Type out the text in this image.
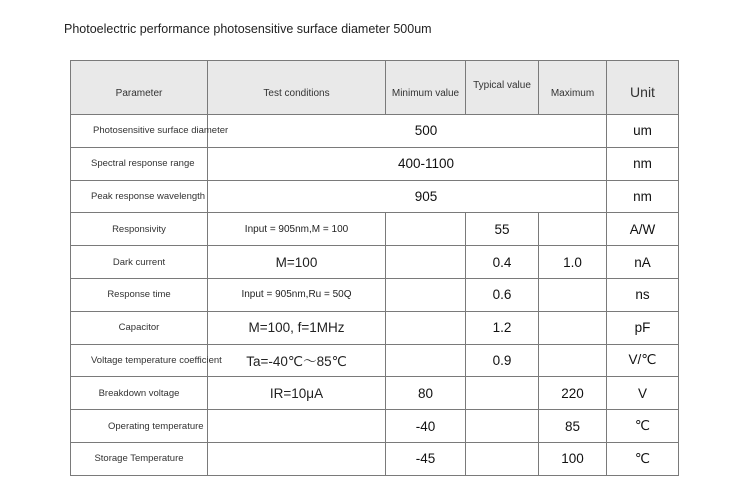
Photoelectric performance photosensitive surface diameter 500um
Parameter	Test conditions	Minimum value	Typical value	Maximum	Unit
Photosensitive surface diameter	500				um
Spectral response range	400-1100				nm
Peak response wavelength	905				nm
Responsivity	Input = 905nm,M = 100		55		A/W
Dark current	M=100		0.4	1.0	nA
Response time	Input = 905nm,Ru = 50Q		0.6		ns
Capacitor	M=100, f=1MHz		1.2		pF
Voltage temperature coefficient	Ta=-40℃～85℃		0.9		V/℃
Breakdown voltage	IR=10μA	80		220	V
Operating temperature		-40		85	℃
Storage Temperature		-45		100	℃
